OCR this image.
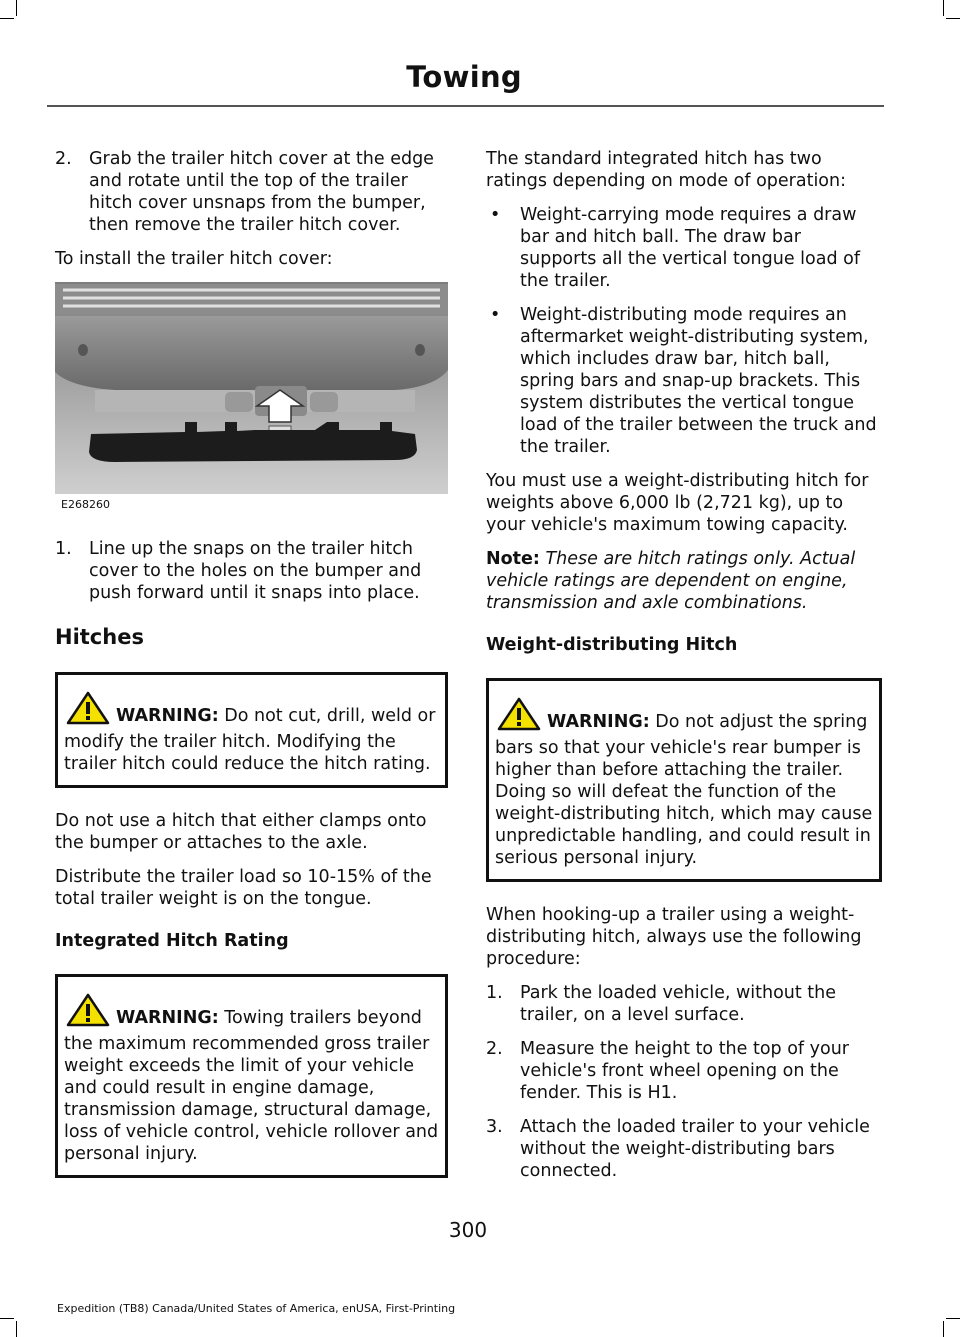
Towing
2. Grab the trailer hitch cover at the edge and rotate until the top of the trailer hitch cover unsnaps from the bumper, then remove the trailer hitch cover.

To install the trailer hitch cover:

E268260
1. Line up the snaps on the trailer hitch cover to the holes on the bumper and push forward until it snaps into place.
Hitches
WARNING: Do not cut, drill, weld or modify the trailer hitch. Modifying the trailer hitch could reduce the hitch rating.

Do not use a hitch that either clamps onto the bumper or attaches to the axle.

Distribute the trailer load so 10-15% of the total trailer weight is on the tongue.

Integrated Hitch Rating
WARNING: Towing trailers beyond the maximum recommended gross trailer weight exceeds the limit of your vehicle and could result in engine damage, transmission damage, structural damage, loss of vehicle control, vehicle rollover and personal injury.

The standard integrated hitch has two ratings depending on mode of operation:

•	Weight-carrying mode requires a draw bar and hitch ball. The draw bar supports all the vertical tongue load of the trailer.
•	Weight-distributing mode requires an aftermarket weight-distributing system, which includes draw bar, hitch ball, spring bars and snap-up brackets. This system distributes the vertical tongue load of the trailer between the truck and the trailer.

You must use a weight-distributing hitch for weights above 6,000 lb (2,721 kg), up to your vehicle's maximum towing capacity.

Note: These are hitch ratings only. Actual vehicle ratings are dependent on engine, transmission and axle combinations.

Weight-distributing Hitch
WARNING: Do not adjust the spring bars so that your vehicle's rear bumper is higher than before attaching the trailer. Doing so will defeat the function of the weight-distributing hitch, which may cause unpredictable handling, and could result in serious personal injury.

When hooking-up a trailer using a weight-distributing hitch, always use the following procedure:

1. Park the loaded vehicle, without the trailer, on a level surface.
2. Measure the height to the top of your vehicle's front wheel opening on the fender. This is H1.
3. Attach the loaded trailer to your vehicle without the weight-distributing bars connected.
300
Expedition (TB8) Canada/United States of America, enUSA, First-Printing
